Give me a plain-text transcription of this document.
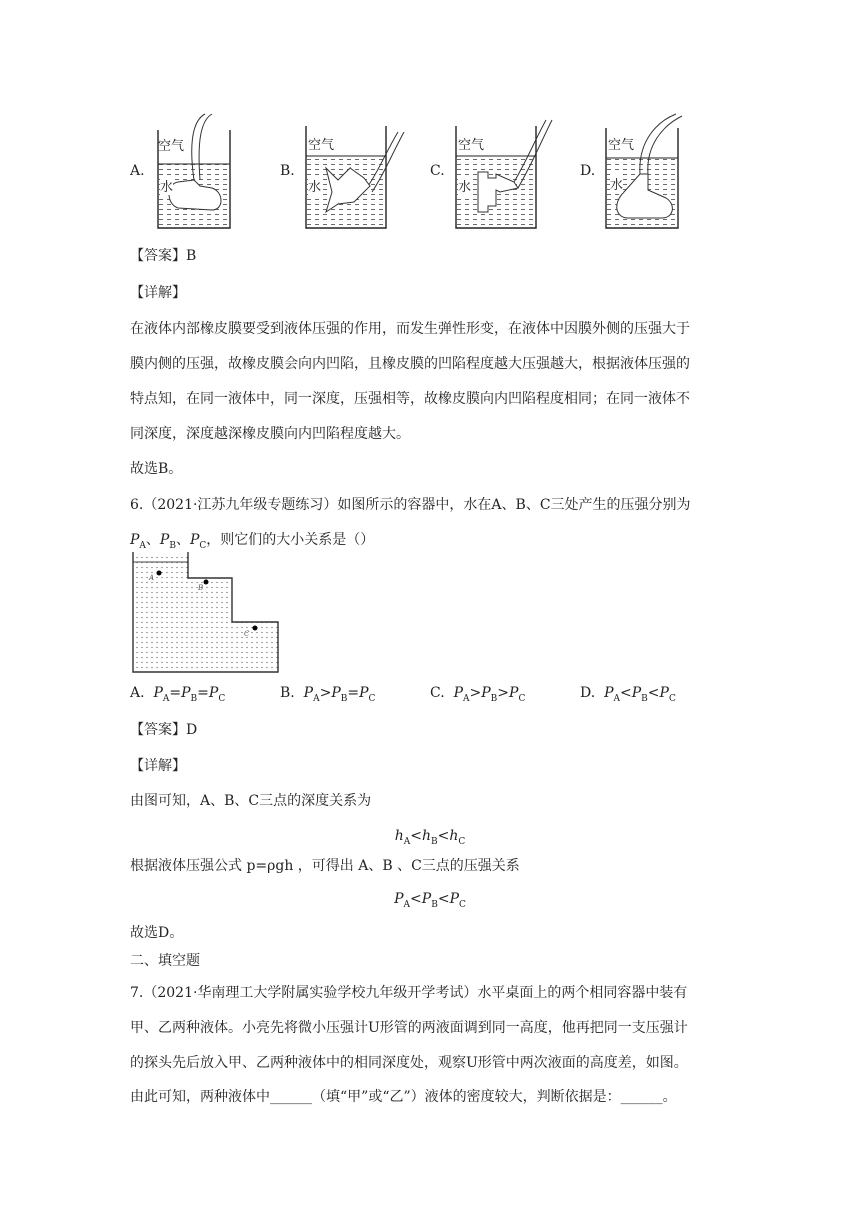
A.
空气
水
B.
空气
水
C.
空气
水
D.
空气
水
【答案】B
【详解】
在液体内部橡皮膜要受到液体压强的作用，而发生弹性形变，在液体中因膜外侧的压强大于
膜内侧的压强，故橡皮膜会向内凹陷，且橡皮膜的凹陷程度越大压强越大，根据液体压强的
特点知，在同一液体中，同一深度，压强相等，故橡皮膜向内凹陷程度相同；在同一液体不
同深度，深度越深橡皮膜向内凹陷程度越大。
故选B。
6.（2021·江苏九年级专题练习）如图所示的容器中，水在A、B、C三处产生的压强分别为
$P_A$、$P_B$、$P_C$，则它们的大小关系是（）
A
B
C
A. $P_A=P_B=P_C$	B. $P_A>P_B=P_C$	C. $P_A>P_B>P_C$	D. $P_A<P_B<P_C$
【答案】D
【详解】
由图可知，A、B、C三点的深度关系为
$h_A<h_B<h_C$
根据液体压强公式 p=ρgh ，可得出 A、B 、C三点的压强关系
$P_A<P_B<P_C$
故选D。
二、填空题
7.（2021·华南理工大学附属实验学校九年级开学考试）水平桌面上的两个相同容器中装有
甲、乙两种液体。小亮先将微小压强计U形管的两液面调到同一高度，他再把同一支压强计
的探头先后放入甲、乙两种液体中的相同深度处，观察U形管中两次液面的高度差，如图。
由此可知，两种液体中______（填“甲”或“乙”）液体的密度较大，判断依据是：______。
